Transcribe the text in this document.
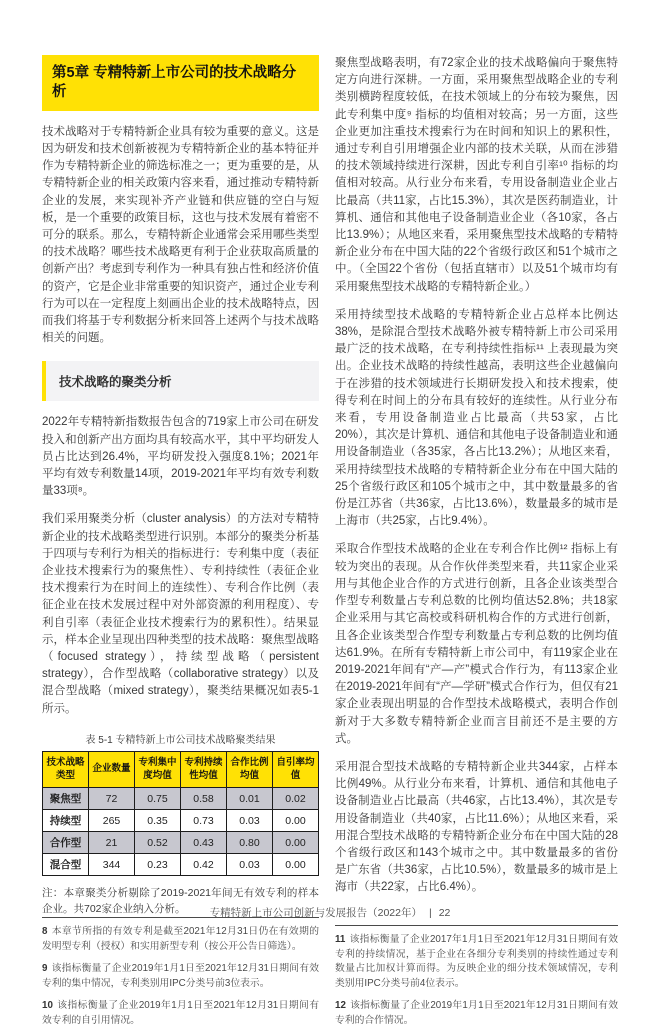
第5章 专精特新上市公司的技术战略分析

技术战略对于专精特新企业具有较为重要的意义。这是因为研发和技术创新被视为专精特新企业的基本特征并作为专精特新企业的筛选标准之一；更为重要的是，从专精特新企业的相关政策内容来看，通过推动专精特新企业的发展，来实现补齐产业链和供应链的空白与短板，是一个重要的政策目标，这也与技术发展有着密不可分的联系。那么，专精特新企业通常会采用哪些类型的技术战略？哪些技术战略更有利于企业获取高质量的创新产出？考虑到专利作为一种具有独占性和经济价值的资产，它是企业非常重要的知识资产，通过企业专利行为可以在一定程度上刻画出企业的技术战略特点，因而我们将基于专利数据分析来回答上述两个与技术战略相关的问题。

技术战略的聚类分析

2022年专精特新指数报告包含的719家上市公司在研发投入和创新产出方面均具有较高水平，其中平均研发人员占比达到26.4%，平均研发投入强度8.1%；2021年平均有效专利数量14项，2019-2021年平均有效专利数量33项⁸。

我们采用聚类分析（cluster analysis）的方法对专精特新企业的技术战略类型进行识别。本部分的聚类分析基于四项与专利行为相关的指标进行：专利集中度（表征企业技术搜索行为的聚焦性）、专利持续性（表征企业技术搜索行为在时间上的连续性）、专利合作比例（表征企业在技术发展过程中对外部资源的利用程度）、专利自引率（表征企业技术搜索行为的累积性）。结果显示，样本企业呈现出四种类型的技术战略：聚焦型战略（focused strategy），持续型战略（persistent strategy），合作型战略（collaborative strategy）以及混合型战略（mixed strategy），聚类结果概况如表5-1所示。

表 5-1 专精特新上市公司技术战略聚类结果
技术战略类型	企业数量	专利集中度均值	专利持续性均值	合作比例均值	自引率均值
聚焦型	72	0.75	0.58	0.01	0.02
持续型	265	0.35	0.73	0.03	0.00
合作型	21	0.52	0.43	0.80	0.00
混合型	344	0.23	0.42	0.03	0.00

注：本章聚类分析剔除了2019-2021年间无有效专利的样本企业。共702家企业纳入分析。

8 本章节所指的有效专利是截至2021年12月31日仍在有效期的发明型专利（授权）和实用新型专利（按公开公告日筛选）。

9 该指标衡量了企业2019年1月1日至2021年12月31日期间有效专利的集中情况，专利类别用IPC分类号前3位表示。

10 该指标衡量了企业2019年1月1日至2021年12月31日期间有效专利的自引用情况。

聚焦型战略表明，有72家企业的技术战略偏向于聚焦特定方向进行深耕。一方面，采用聚焦型战略企业的专利类别横跨程度较低，在技术领域上的分布较为聚焦，因此专利集中度⁹ 指标的均值相对较高；另一方面，这些企业更加注重技术搜索行为在时间和知识上的累积性，通过专利自引用增强企业内部的技术关联，从而在涉猎的技术领域持续进行深耕，因此专利自引率¹⁰ 指标的均值相对较高。从行业分布来看，专用设备制造业企业占比最高（共11家，占比15.3%），其次是医药制造业，计算机、通信和其他电子设备制造业企业（各10家，各占比13.9%）；从地区来看，采用聚焦型技术战略的专精特新企业分布在中国大陆的22个省级行政区和51个城市之中。（全国22个省份（包括直辖市）以及51个城市均有采用聚焦型技术战略的专精特新企业。）

采用持续型技术战略的专精特新企业占总样本比例达38%，是除混合型技术战略外被专精特新上市公司采用最广泛的技术战略，在专利持续性指标¹¹ 上表现最为突出。企业技术战略的持续性越高，表明这些企业越偏向于在涉猎的技术领域进行长期研发投入和技术搜索，使得专利在时间上的分布具有较好的连续性。从行业分布来看，专用设备制造业占比最高（共53家，占比20%），其次是计算机、通信和其他电子设备制造业和通用设备制造业（各35家，各占比13.2%）；从地区来看，采用持续型技术战略的专精特新企业分布在中国大陆的25个省级行政区和105个城市之中，其中数量最多的省份是江苏省（共36家，占比13.6%），数量最多的城市是上海市（共25家，占比9.4%）。

采取合作型技术战略的企业在专利合作比例¹² 指标上有较为突出的表现。从合作伙伴类型来看，共11家企业采用与其他企业合作的方式进行创新，且各企业该类型合作型专利数量占专利总数的比例均值达52.8%；共18家企业采用与其它高校或科研机构合作的方式进行创新，且各企业该类型合作型专利数量占专利总数的比例均值达61.9%。在所有专精特新上市公司中，有119家企业在2019-2021年间有“产—产”模式合作行为，有113家企业在2019-2021年间有“产—学研”模式合作行为，但仅有21家企业表现出明显的合作型技术战略模式，表明合作创新对于大多数专精特新企业而言目前还不是主要的方式。

采用混合型技术战略的专精特新企业共344家，占样本比例49%。从行业分布来看，计算机、通信和其他电子设备制造业占比最高（共46家，占比13.4%），其次是专用设备制造业（共40家，占比11.6%）；从地区来看，采用混合型技术战略的专精特新企业分布在中国大陆的28个省级行政区和143个城市之中。其中数量最多的省份是广东省（共36家，占比10.5%），数量最多的城市是上海市（共22家，占比6.4%）。

11 该指标衡量了企业2017年1月1日至2021年12月31日期间有效专利的持续情况，基于企业在各细分专利类别的持续性通过专利数量占比加权计算而得。为反映企业的细分技术领域情况，专利类别用IPC分类号前4位表示。

12 该指标衡量了企业2019年1月1日至2021年12月31日期间有效专利的合作情况。

专精特新上市公司创新与发展报告（2022年） | 22
